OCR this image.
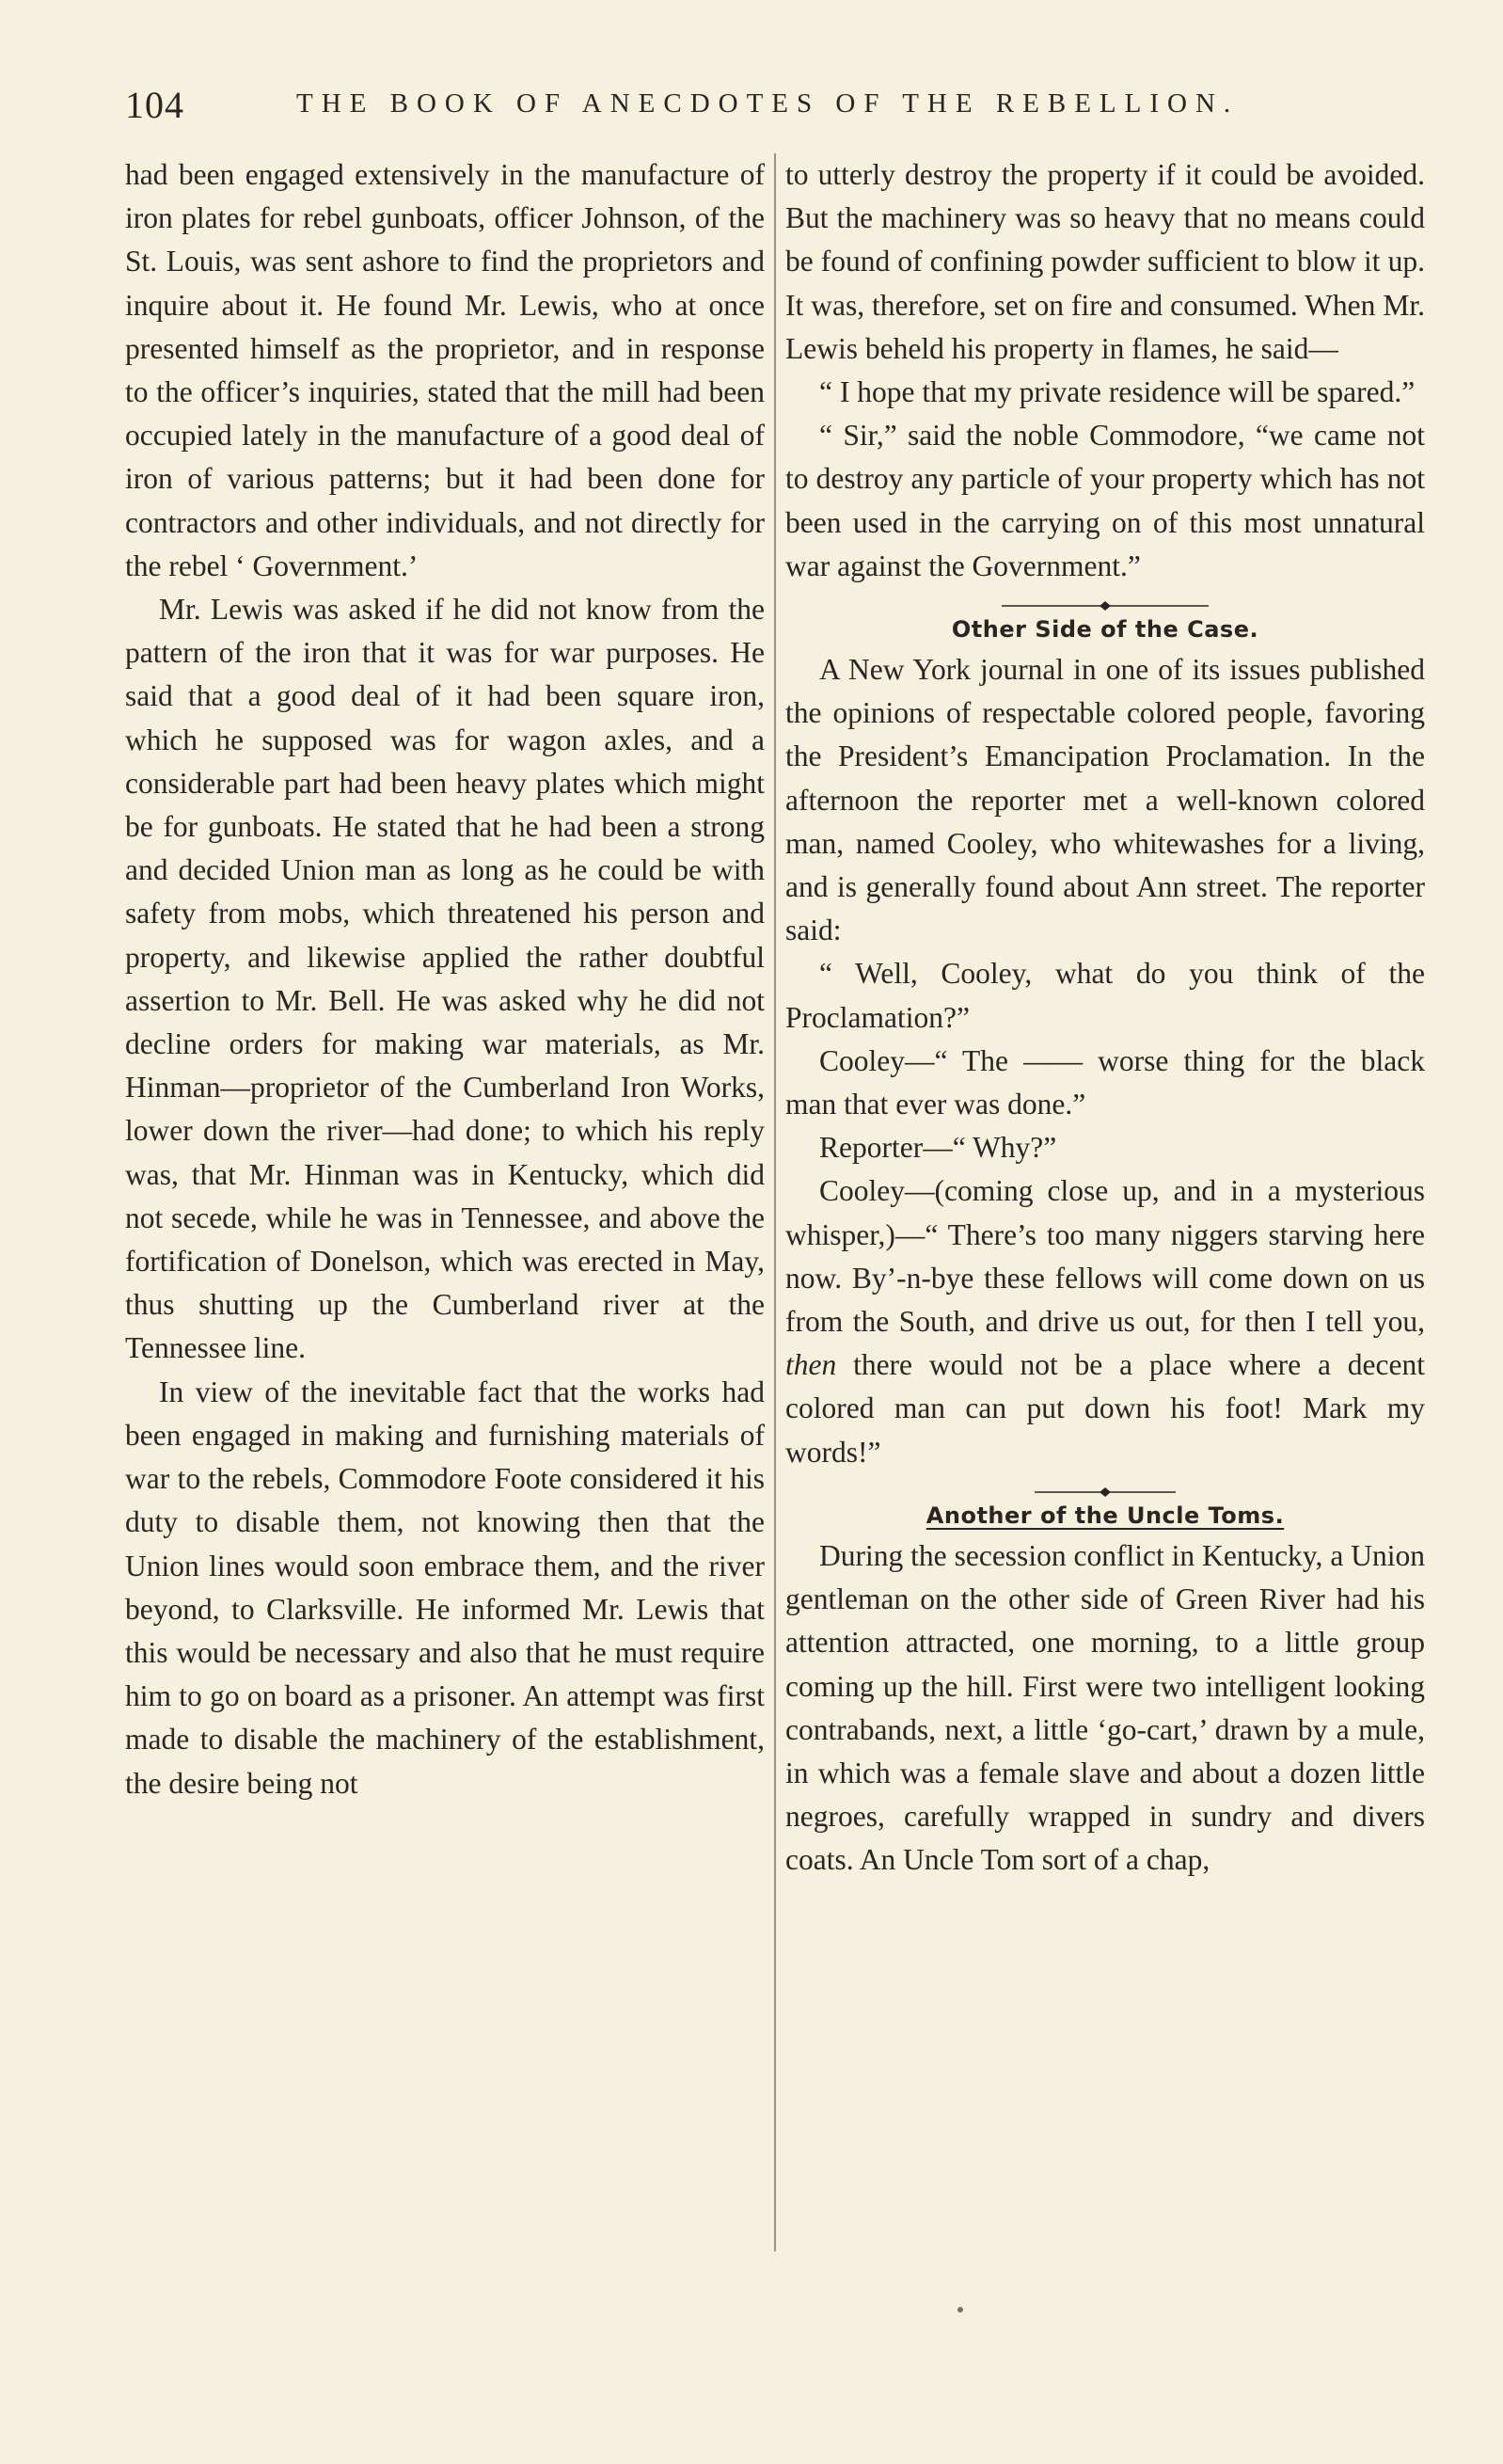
104	THE BOOK OF ANECDOTES OF THE REBELLION.

had been engaged extensively in the manufacture of iron plates for rebel gunboats, officer Johnson, of the St. Louis, was sent ashore to find the proprietors and inquire about it. He found Mr. Lewis, who at once presented himself as the proprietor, and in response to the officer’s inquiries, stated that the mill had been occupied lately in the manufacture of a good deal of iron of various patterns; but it had been done for contractors and other individuals, and not directly for the rebel ‘ Government.’

Mr. Lewis was asked if he did not know from the pattern of the iron that it was for war purposes. He said that a good deal of it had been square iron, which he supposed was for wagon axles, and a considerable part had been heavy plates which might be for gunboats. He stated that he had been a strong and decided Union man as long as he could be with safety from mobs, which threatened his person and property, and likewise applied the rather doubtful assertion to Mr. Bell. He was asked why he did not decline orders for making war materials, as Mr. Hinman—proprietor of the Cumberland Iron Works, lower down the river—had done; to which his reply was, that Mr. Hinman was in Kentucky, which did not secede, while he was in Tennessee, and above the fortification of Donelson, which was erected in May, thus shutting up the Cumberland river at the Tennessee line.

In view of the inevitable fact that the works had been engaged in making and furnishing materials of war to the rebels, Commodore Foote considered it his duty to disable them, not knowing then that the Union lines would soon embrace them, and the river beyond, to Clarksville. He informed Mr. Lewis that this would be necessary and also that he must require him to go on board as a prisoner. An attempt was first made to disable the machinery of the establishment, the desire being not

to utterly destroy the property if it could be avoided. But the machinery was so heavy that no means could be found of confining powder sufficient to blow it up. It was, therefore, set on fire and consumed. When Mr. Lewis beheld his property in flames, he said—

“ I hope that my private residence will be spared.”

“ Sir,” said the noble Commodore, “we came not to destroy any particle of your property which has not been used in the carrying on of this most unnatural war against the Government.”

Other Side of the Case.

A New York journal in one of its issues published the opinions of respectable colored people, favoring the President’s Emancipation Proclamation. In the afternoon the reporter met a well-known colored man, named Cooley, who whitewashes for a living, and is generally found about Ann street. The reporter said:

“ Well, Cooley, what do you think of the Proclamation?”

Cooley—“ The —— worse thing for the black man that ever was done.”

Reporter—“ Why?”

Cooley—(coming close up, and in a mysterious whisper,)—“ There’s too many niggers starving here now. By’-n-bye these fellows will come down on us from the South, and drive us out, for then I tell you, then there would not be a place where a decent colored man can put down his foot! Mark my words!”

Another of the Uncle Toms.

During the secession conflict in Kentucky, a Union gentleman on the other side of Green River had his attention attracted, one morning, to a little group coming up the hill. First were two intelligent looking contrabands, next, a little ‘go-cart,’ drawn by a mule, in which was a female slave and about a dozen little negroes, carefully wrapped in sundry and divers coats. An Uncle Tom sort of a chap,
